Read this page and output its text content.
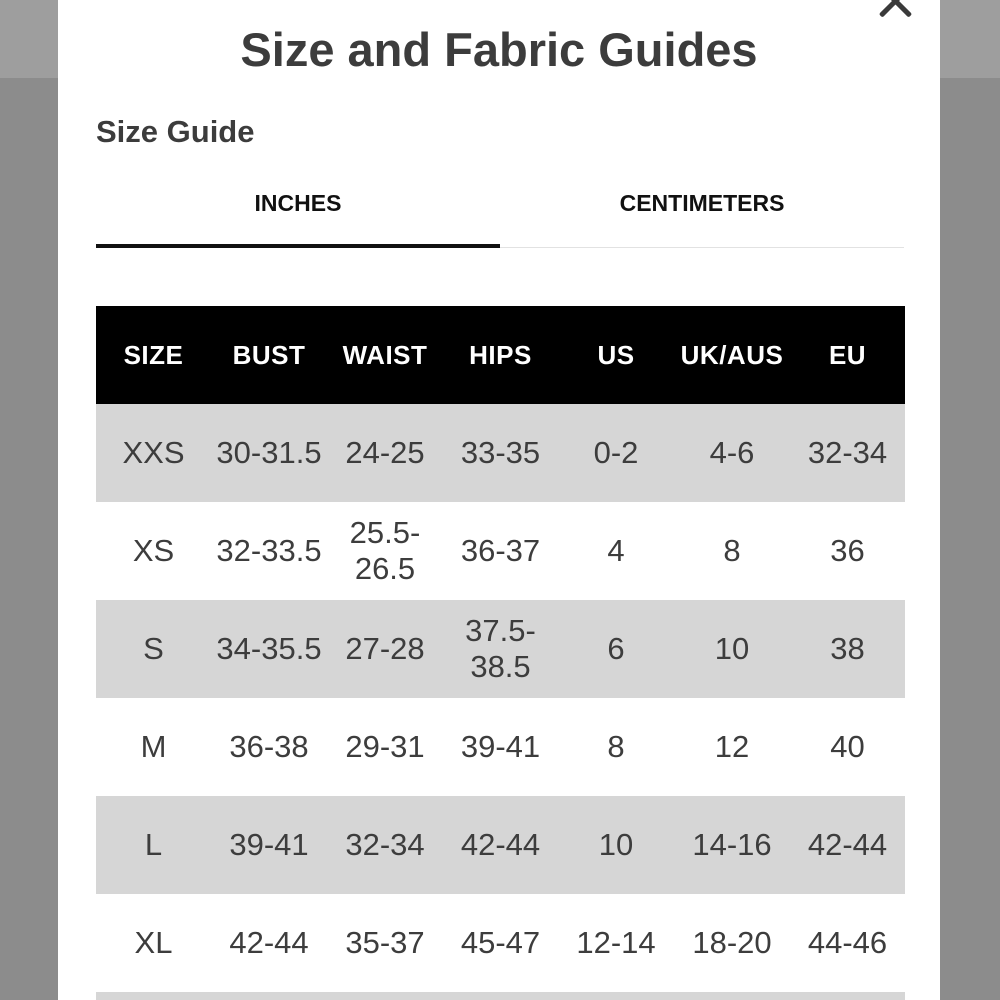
Size and Fabric Guides
Size Guide
INCHES	CENTIMETERS
SIZE	BUST	WAIST	HIPS	US	UK/AUS	EU
XXS	30-31.5	24-25	33-35	0-2	4-6	32-34
XS	32-33.5	25.5-26.5	36-37	4	8	36
S	34-35.5	27-28	37.5-38.5	6	10	38
M	36-38	29-31	39-41	8	12	40
L	39-41	32-34	42-44	10	14-16	42-44
XL	42-44	35-37	45-47	12-14	18-20	44-46
